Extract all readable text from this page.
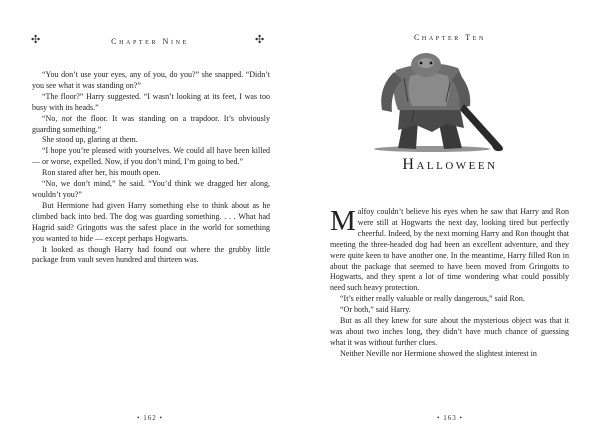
✣	Chapter Nine	✣

“You don’t use your eyes, any of you, do you?” she snapped. “Didn’t you see what it was standing on?”

“The floor?” Harry suggested. “I wasn’t looking at its feet, I was too busy with its heads.”

“No, not the floor. It was standing on a trapdoor. It’s obviously guarding something.”

She stood up, glaring at them.

“I hope you’re pleased with yourselves. We could all have been killed — or worse, expelled. Now, if you don’t mind, I’m going to bed.”

Ron stared after her, his mouth open.

“No, we don’t mind,” he said. “You’d think we dragged her along, wouldn’t you?”

But Hermione had given Harry something else to think about as he climbed back into bed. The dog was guarding something. . . . What had Hagrid said? Gringotts was the safest place in the world for something you wanted to hide — except perhaps Hogwarts.

It looked as though Harry had found out where the grubby little package from vault seven hundred and thirteen was.

• 162 •
Chapter Ten
Halloween

Malfoy couldn’t believe his eyes when he saw that Harry and Ron were still at Hogwarts the next day, looking tired but perfectly cheerful. Indeed, by the next morning Harry and Ron thought that meeting the three-headed dog had been an excellent adventure, and they were quite keen to have another one. In the meantime, Harry filled Ron in about the package that seemed to have been moved from Gringotts to Hogwarts, and they spent a lot of time wondering what could possibly need such heavy protection.

“It’s either really valuable or really dangerous,” said Ron.

“Or both,” said Harry.

But as all they knew for sure about the mysterious object was that it was about two inches long, they didn’t have much chance of guessing what it was without further clues.

Neither Neville nor Hermione showed the slightest interest in

• 163 •
